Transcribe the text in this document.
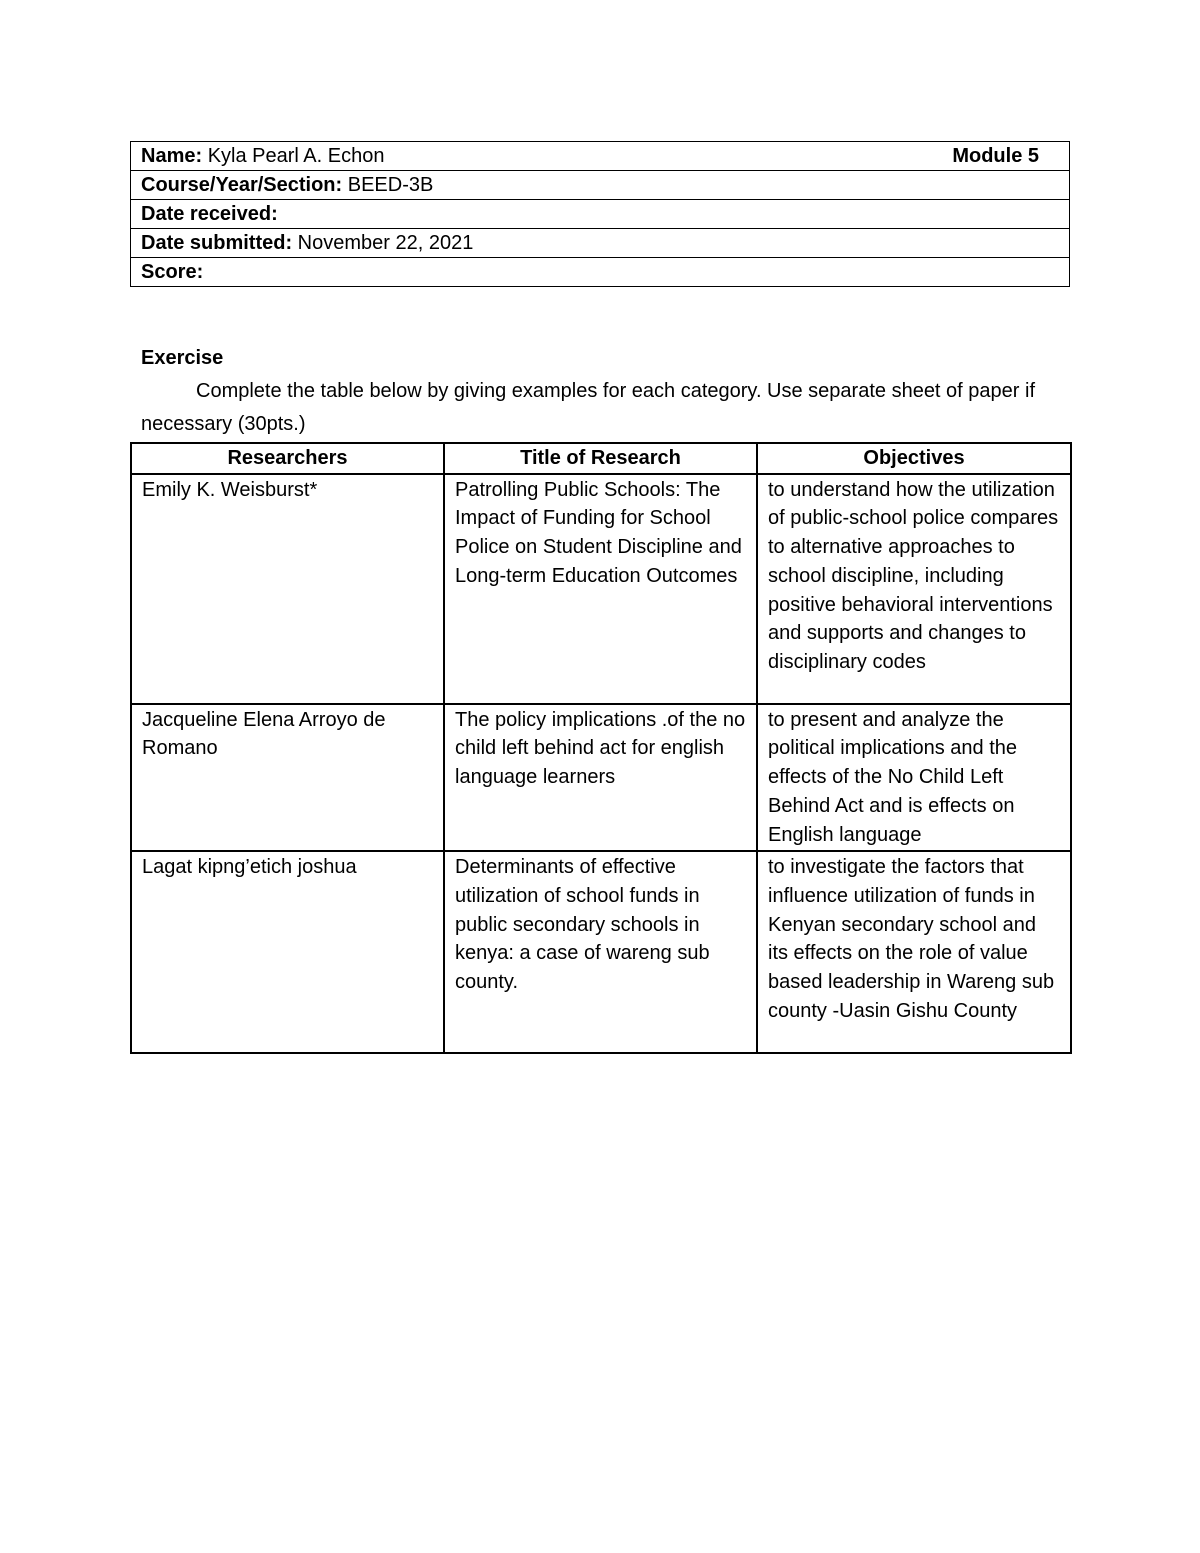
Name: Kyla Pearl A. Echon	Module 5

Course/Year/Section: BEED-3B
Date received:
Date submitted: November 22, 2021
Score:
Exercise
Complete the table below by giving examples for each category. Use separate sheet of paper if necessary (30pts.)
Researchers	Title of Research	Objectives
Emily K. Weisburst*	Patrolling Public Schools: The Impact of Funding for School Police on Student Discipline and Long-term Education Outcomes	to understand how the utilization of public-school police compares to alternative approaches to school discipline, including positive behavioral interventions and supports and changes to disciplinary codes
Jacqueline Elena Arroyo de Romano	The policy implications .of the no child left behind act for english language learners	to present and analyze the political implications and the effects of the No Child Left Behind Act and is effects on English language
Lagat kipng’etich joshua	Determinants of effective utilization of school funds in public secondary schools in kenya: a case of wareng sub county.	to investigate the factors that influence utilization of funds in Kenyan secondary school and its effects on the role of value based leadership in Wareng sub county -Uasin Gishu County
